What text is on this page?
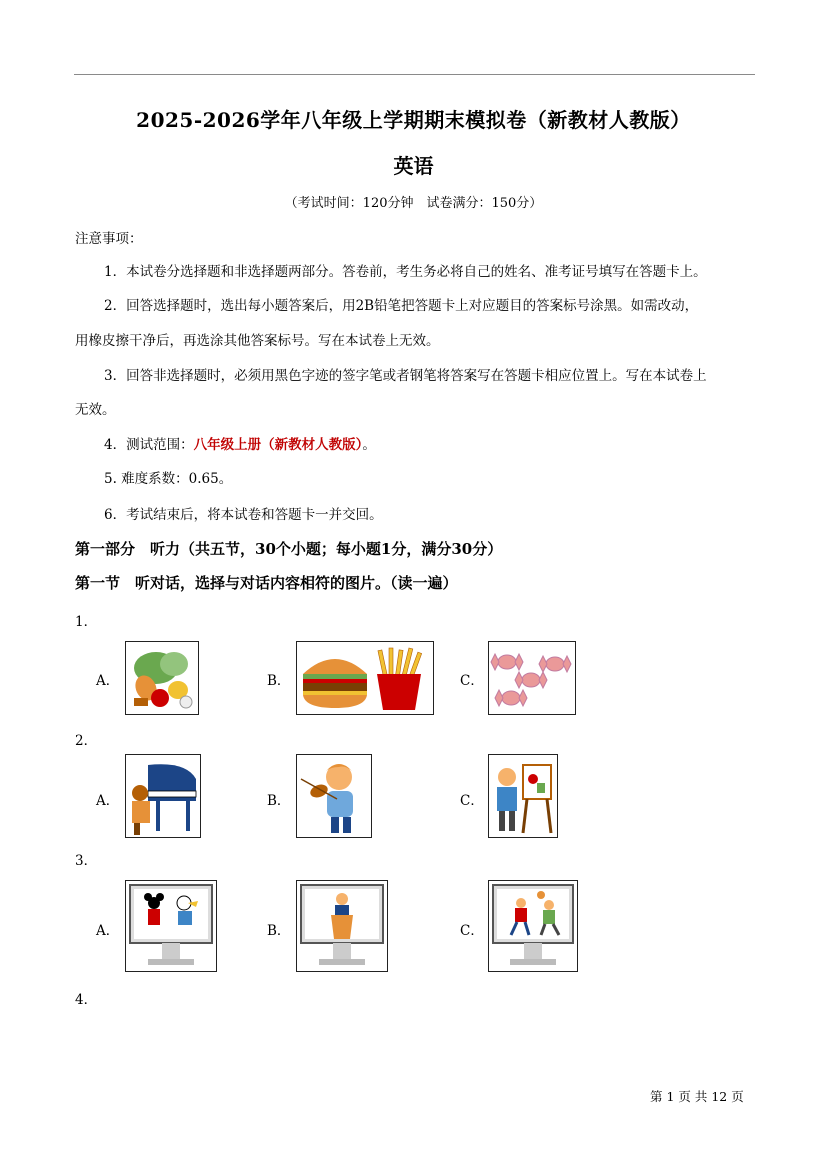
2025-2026学年八年级上学期期末模拟卷（新教材人教版）
英语
（考试时间：120分钟　试卷满分：150分）
注意事项：
1．本试卷分选择题和非选择题两部分。答卷前，考生务必将自己的姓名、准考证号填写在答题卡上。
2．回答选择题时，选出每小题答案后，用2B铅笔把答题卡上对应题目的答案标号涂黑。如需改动，
用橡皮擦干净后，再选涂其他答案标号。写在本试卷上无效。
3．回答非选择题时，必须用黑色字迹的签字笔或者钢笔将答案写在答题卡相应位置上。写在本试卷上
无效。
4．测试范围：八年级上册（新教材人教版）。
5. 难度系数：0.65。
6．考试结束后，将本试卷和答题卡一并交回。
第一部分　听力（共五节，30个小题；每小题1分，满分30分）
第一节　听对话，选择与对话内容相符的图片。（读一遍）
1．
A．	B．	C．
2．
A．	B．	C．
3．
A．	B．	C．
4．
第 1 页 共 12 页
